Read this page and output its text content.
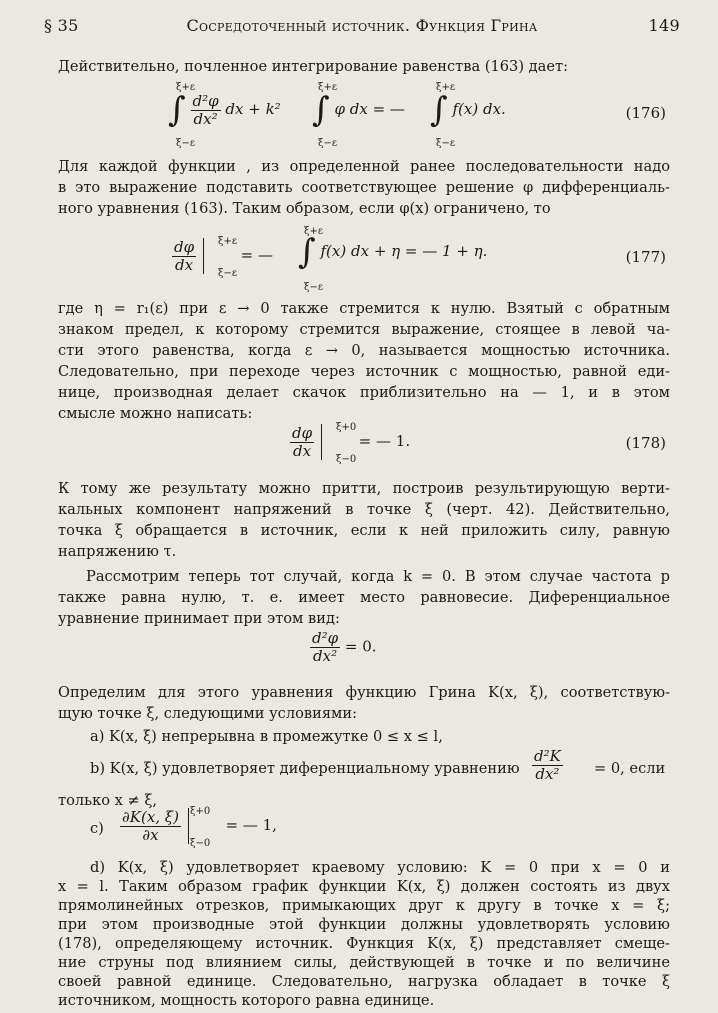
§ 35	Сосредоточенный источник. Функция Грина	149
Действительно, почленное интегрирование равенства (163) дает:
ξ+ε
∫
ξ−ε
$\frac{\text{d²φ}}{\text{dx²}}$ dx + k²
ξ+ε
∫
ξ−ε
φ dx = —
ξ+ε
∫
ξ−ε
f(x) dx.	(176)
Для каждой функции , из определенной ранее последовательности надо
в это выражение подставить соответствующее решение φ дифференциаль-
ного уравнения (163). Таким образом, если φ(x) ограничено, то
$\frac{d\varphi}{dx}$
ξ+ε
ξ−ε
= —
ξ+ε
∫
ξ−ε
f(x) dx + η = — 1 + η.	(177)
где η = r₁(ε) при ε → 0 также стремится к нулю. Взятый с обратным
знаком предел, к которому стремится выражение, стоящее в левой ча-
сти этого равенства, когда ε → 0, называется мощностью источника.
Следовательно, при переходе через источник с мощностью, равной еди-
нице, производная делает скачок приблизительно на — 1, и в этом
смысле можно написать:
$\frac{d\varphi}{dx}$
ξ+0
ξ−0
= — 1.	(178)
К тому же результату можно притти, построив результирующую верти-
кальных компонент напряжений в точке ξ (черт. 42). Действительно,
точка ξ обращается в источник, если к ней приложить силу, равную
напряжению τ.
Рассмотрим теперь тот случай, когда k = 0. В этом случае частота p
также равна нулю, т. е. имеет место равновесие. Диференциальное
уравнение принимает при этом вид:
$\frac{\text{d²φ}}{\text{dx²}} = 0$.
Определим для этого уравнения функцию Грина K(x, ξ), соответствую-
щую точке ξ, следующими условиями:
a) K(x, ξ) непрерывна в промежутке 0 ≤ x ≤ l,
b) K(x, ξ) удовлетворяет диференциальному уравнению $\frac{\text{d²K}}{\text{dx²}} = 0$, если
только x ≠ ξ,
$c) \frac{\partial K(x, \xi)}{\partial x}$
ξ+0
ξ−0
= — 1,
d) K(x, ξ) удовлетворяет краевому условию: K = 0 при x = 0 и
x = l. Таким образом график функции K(x, ξ) должен состоять из двух
прямолинейных отрезков, примыкающих друг к другу в точке x = ξ;
при этом производные этой функции должны удовлетворять условию
(178), определяющему источник. Функция K(x, ξ) представляет смеще-
ние струны под влиянием силы, действующей в точке и по величине
своей равной единице. Следовательно, нагрузка обладает в точке ξ
источником, мощность которого равна единице.
